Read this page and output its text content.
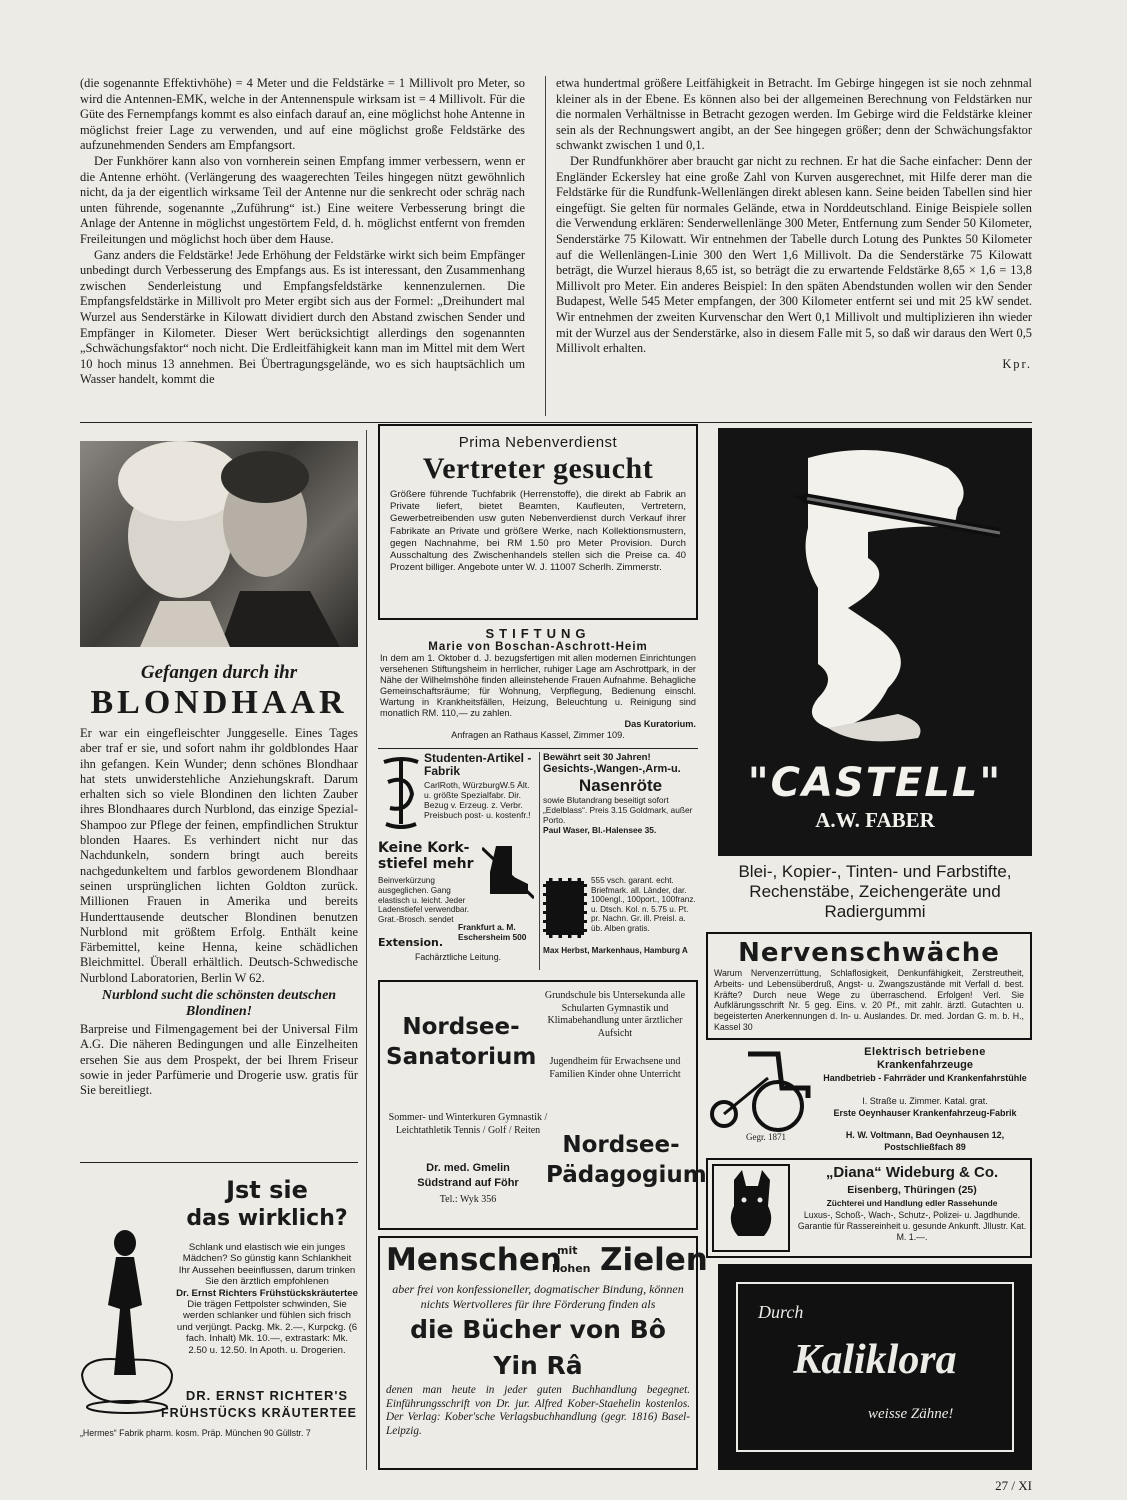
(die sogenannte Effektivhöhe) = 4 Meter und die Feldstärke = 1 Millivolt pro Meter, so wird die Antennen-EMK, welche in der Antennenspule wirksam ist = 4 Millivolt. Für die Güte des Fernempfangs kommt es also einfach darauf an, eine möglichst hohe Antenne in möglichst freier Lage zu verwenden, und auf eine möglichst große Feldstärke des aufzunehmenden Senders am Empfangsort.

Der Funkhörer kann also von vornherein seinen Empfang immer verbessern, wenn er die Antenne erhöht. (Verlängerung des waagerechten Teiles hingegen nützt gewöhnlich nicht, da ja der eigentlich wirksame Teil der Antenne nur die senkrecht oder schräg nach unten führende, sogenannte „Zuführung“ ist.) Eine weitere Verbesserung bringt die Anlage der Antenne in möglichst ungestörtem Feld, d. h. möglichst entfernt von fremden Freileitungen und möglichst hoch über dem Hause.

Ganz anders die Feldstärke! Jede Erhöhung der Feldstärke wirkt sich beim Empfänger unbedingt durch Verbesserung des Empfangs aus. Es ist interessant, den Zusammenhang zwischen Senderleistung und Empfangsfeldstärke kennenzulernen. Die Empfangsfeldstärke in Millivolt pro Meter ergibt sich aus der Formel: „Dreihundert mal Wurzel aus Senderstärke in Kilowatt dividiert durch den Abstand zwischen Sender und Empfänger in Kilometer. Dieser Wert berücksichtigt allerdings den sogenannten „Schwächungsfaktor“ noch nicht. Die Erdleitfähigkeit kann man im Mittel mit dem Wert 10 hoch minus 13 annehmen. Bei Übertragungsgelände, wo es sich hauptsächlich um Wasser handelt, kommt die

etwa hundertmal größere Leitfähigkeit in Betracht. Im Gebirge hingegen ist sie noch zehnmal kleiner als in der Ebene. Es können also bei der allgemeinen Berechnung von Feldstärken nur die normalen Verhältnisse in Betracht gezogen werden. Im Gebirge wird die Feldstärke kleiner sein als der Rechnungswert angibt, an der See hingegen größer; denn der Schwächungsfaktor schwankt zwischen 1 und 0,1.

Der Rundfunkhörer aber braucht gar nicht zu rechnen. Er hat die Sache einfacher: Denn der Engländer Eckersley hat eine große Zahl von Kurven ausgerechnet, mit Hilfe derer man die Feldstärke für die Rundfunk-Wellenlängen direkt ablesen kann. Seine beiden Tabellen sind hier eingefügt. Sie gelten für normales Gelände, etwa in Norddeutschland. Einige Beispiele sollen die Verwendung erklären: Senderwellenlänge 300 Meter, Entfernung zum Sender 50 Kilometer, Senderstärke 75 Kilowatt. Wir entnehmen der Tabelle durch Lotung des Punktes 50 Kilometer auf die Wellenlängen-Linie 300 den Wert 1,6 Millivolt. Da die Senderstärke 75 Kilowatt beträgt, die Wurzel hieraus 8,65 ist, so beträgt die zu erwartende Feldstärke 8,65 × 1,6 = 13,8 Millivolt pro Meter. Ein anderes Beispiel: In den späten Abendstunden wollen wir den Sender Budapest, Welle 545 Meter empfangen, der 300 Kilometer entfernt sei und mit 25 kW sendet. Wir entnehmen der zweiten Kurvenschar den Wert 0,1 Millivolt und multiplizieren ihn wieder mit der Wurzel aus der Senderstärke, also in diesem Falle mit 5, so daß wir daraus den Wert 0,5 Millivolt erhalten.

Kpr.

Gefangen durch ihr
BLONDHAAR

Er war ein eingefleischter Junggeselle. Eines Tages aber traf er sie, und sofort nahm ihr goldblondes Haar ihn gefangen. Kein Wunder; denn schönes Blondhaar hat stets unwiderstehliche Anziehungskraft. Darum erhalten sich so viele Blondinen den lichten Zauber ihres Blondhaares durch Nurblond, das einzige Spezial-Shampoo zur Pflege der feinen, empfindlichen Struktur blonden Haares. Es verhindert nicht nur das Nachdunkeln, sondern bringt auch bereits nachgedunkeltem und farblos gewordenem Blondhaar seinen ursprünglichen lichten Goldton zurück. Millionen Frauen in Amerika und bereits Hunderttausende deutscher Blondinen benutzen Nurblond mit größtem Erfolg. Enthält keine Färbemittel, keine Henna, keine schädlichen Bleichmittel. Überall erhältlich. Deutsch-Schwedische Nurblond Laboratorien, Berlin W 62.

Nurblond sucht die schönsten deutschen Blondinen!

Barpreise und Filmengagement bei der Universal Film A.G. Die näheren Bedingungen und alle Einzelheiten ersehen Sie aus dem Prospekt, der bei Ihrem Friseur sowie in jeder Parfümerie und Drogerie usw. gratis für Sie bereitliegt.

Jst sie
das wirklich?

Schlank und elastisch wie ein junges Mädchen? So günstig kann Schlankheit Ihr Aussehen beeinflussen, darum trinken Sie den ärztlich empfohlenen

Dr. Ernst Richters Frühstückskräutertee

Die trägen Fettpolster schwinden, Sie werden schlanker und fühlen sich frisch und verjüngt. Packg. Mk. 2.—, Kurpckg. (6 fach. Inhalt) Mk. 10.—, extrastark: Mk. 2.50 u. 12.50. In Apoth. u. Drogerien.

DR. ERNST RICHTER'S
FRÜHSTÜCKS KRÄUTERTEE
„Hermes“ Fabrik pharm. kosm. Präp. München 90 Güllstr. 7
Prima Nebenverdienst
Vertreter gesucht
Größere führende Tuchfabrik (Herrenstoffe), die direkt ab Fabrik an Private liefert, bietet Beamten, Kaufleuten, Vertretern, Gewerbetreibenden usw guten Nebenverdienst durch Verkauf ihrer Fabrikate an Private und größere Werke, nach Kollektionsmustern, gegen Nachnahme, bei RM 1.50 pro Meter Provision. Durch Ausschaltung des Zwischenhandels stellen sich die Preise ca. 40 Prozent billiger. Angebote unter W. J. 11007 Scherlh. Zimmerstr.
STIFTUNG
Marie von Boschan-Aschrott-Heim
In dem am 1. Oktober d. J. bezugsfertigen mit allen modernen Einrichtungen versehenen Stiftungsheim in herrlicher, ruhiger Lage am Aschrottpark, in der Nähe der Wilhelmshöhe finden alleinstehende Frauen Aufnahme. Behagliche Gemeinschaftsräume; für Wohnung, Verpflegung, Bedienung einschl. Wartung in Krankheitsfällen, Heizung, Beleuchtung u. Reinigung sind monatlich RM. 110,— zu zahlen.
Das Kuratorium.
Anfragen an Rathaus Kassel, Zimmer 109.
Studenten-Artikel - Fabrik
CarlRoth, WürzburgW.5 Ält. u. größte Spezialfabr. Dir. Bezug v. Erzeug. z. Verbr. Preisbuch post- u. kostenfr.!
Bewährt seit 30 Jahren!
Gesichts-,Wangen-,Arm-u.
Nasenröte
sowie Blutandrang beseitigt sofort „Edelblass“. Preis 3.15 Goldmark, außer Porto.
Paul Waser, Bl.-Halensee 35.
Keine Kork-
stiefel mehr
Beinverkürzung ausgeglichen. Gang elastisch u. leicht. Jeder Ladenstiefel verwendbar. Grat.-Brosch. sendet
Extension.
Frankfurt a. M. Eschersheim 500
Fachärztliche Leitung.
555 vsch. garant. echt. Briefmark. all. Länder, dar. 100engl., 100port., 100franz. u. Dtsch. Kol. n. 5.75 u. Pt. pr. Nachn. Gr. ill. Preisl. a. üb. Alben gratis.
Max Herbst, Markenhaus, Hamburg A
Nordsee-
Sanatorium
Grundschule bis Untersekunda alle Schularten Gymnastik und Klimabehandlung unter ärztlicher Aufsicht
Jugendheim für Erwachsene und Familien Kinder ohne Unterricht
Sommer- und Winterkuren Gymnastik / Leichtathletik Tennis / Golf / Reiten
Dr. med. Gmelin
Südstrand auf Föhr
Tel.: Wyk 356
Nordsee-
Pädagogium
Menschen
mit
hohen Zielen
aber frei von konfessioneller, dogmatischer Bindung, können nichts Wertvolleres für ihre Förderung finden als
die Bücher von Bô Yin Râ
denen man heute in jeder guten Buchhandlung begegnet. Einführungsschrift von Dr. jur. Alfred Kober-Staehelin kostenlos. Der Verlag: Kober'sche Verlagsbuchhandlung (gegr. 1816) Basel-Leipzig.
"CASTELL"
A.W. FABER
Blei-, Kopier-, Tinten- und Farbstifte, Rechenstäbe, Zeichengeräte und Radiergummi
Nervenschwäche
Warum Nervenzerrüttung, Schlaflosigkeit, Denkunfähigkeit, Zerstreutheit, Arbeits- und Lebensüberdruß, Angst- u. Zwangszustände mit Verfall d. best. Kräfte? Durch neue Wege zu überraschend. Erfolgen! Verl. Sie Aufklärungsschrift Nr. 5 geg. Eins. v. 20 Pf., mit zahlr. ärztl. Gutachten u. begeisterten Anerkennungen d. In- u. Auslandes. Dr. med. Jordan G. m. b. H., Kassel 30
Gegr. 1871
Elektrisch betriebene
Krankenfahrzeuge
Handbetrieb - Fahrräder und Krankenfahrstühle
I. Straße u. Zimmer. Katal. grat.
Erste Oeynhauser Krankenfahrzeug-Fabrik
H. W. Voltmann, Bad Oeynhausen 12,
Postschließfach 89
„Diana“ Wideburg & Co.
Eisenberg, Thüringen (25)
Züchterei und Handlung edler Rassehunde
Luxus-, Schoß-, Wach-, Schutz-, Polizei- u. Jagdhunde. Garantie für Rassereinheit u. gesunde Ankunft. Jllustr. Kat. M. 1.—.
Durch
Kaliklora
weisse Zähne!
27 / XI
